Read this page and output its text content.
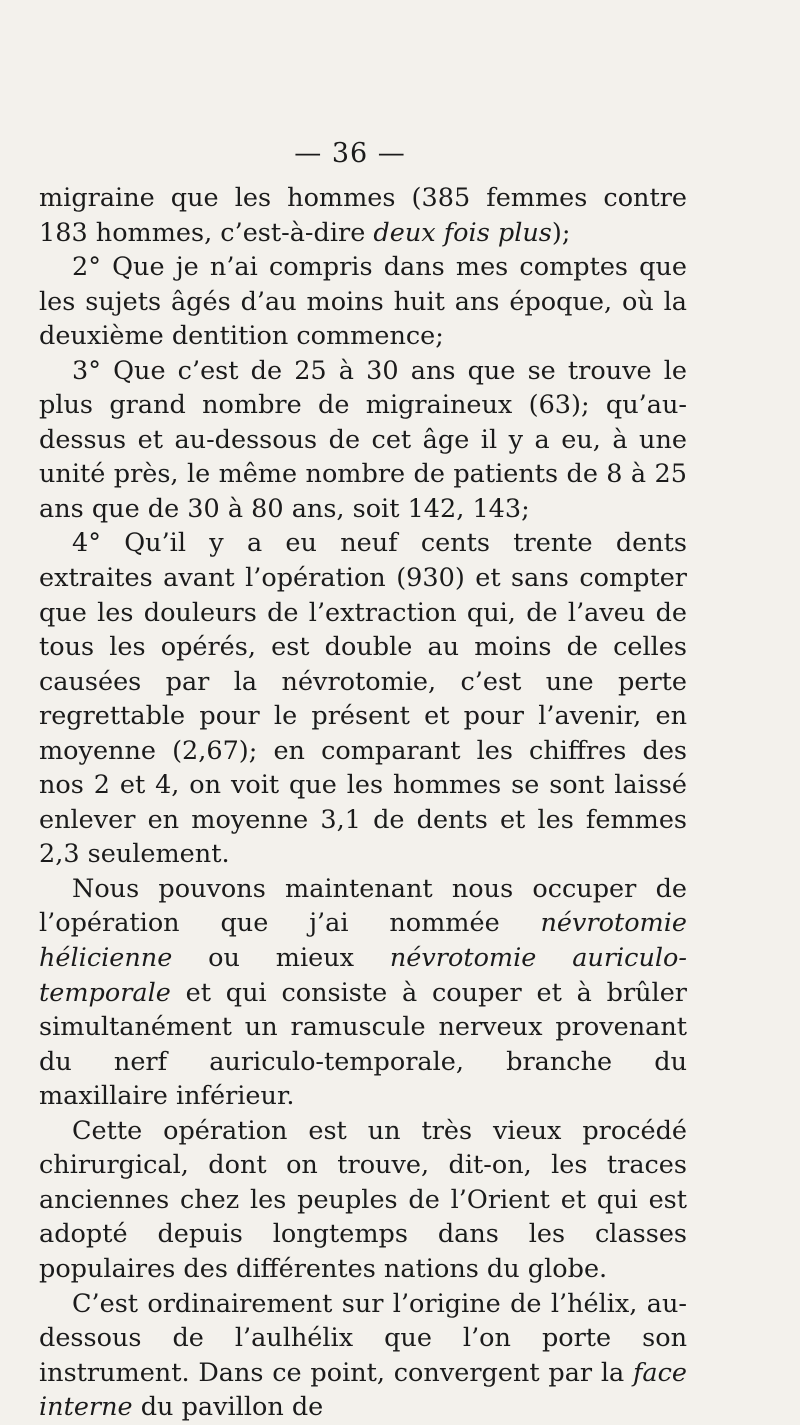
— 36 —

migraine que les hommes (385 femmes contre 183 hommes, c’est-à-dire deux fois plus);

2° Que je n’ai compris dans mes comptes que les sujets âgés d’au moins huit ans époque, où la deuxième dentition commence;

3° Que c’est de 25 à 30 ans que se trouve le plus grand nombre de migraineux (63); qu’au-dessus et au-dessous de cet âge il y a eu, à une unité près, le même nombre de patients de 8 à 25 ans que de 30 à 80 ans, soit 142, 143;

4° Qu’il y a eu neuf cents trente dents extraites avant l’opération (930) et sans compter que les douleurs de l’extraction qui, de l’aveu de tous les opérés, est double au moins de celles causées par la névrotomie, c’est une perte regrettable pour le présent et pour l’avenir, en moyenne (2,67); en comparant les chiffres des nos 2 et 4, on voit que les hommes se sont laissé enlever en moyenne 3,1 de dents et les femmes 2,3 seulement.

Nous pouvons maintenant nous occuper de l’opération que j’ai nommée névrotomie hélicienne ou mieux névrotomie auriculo-temporale et qui consiste à couper et à brûler simultanément un ramuscule nerveux provenant du nerf auriculo-temporale, branche du maxillaire inférieur.

Cette opération est un très vieux procédé chirurgical, dont on trouve, dit-on, les traces anciennes chez les peuples de l’Orient et qui est adopté depuis longtemps dans les classes populaires des différentes nations du globe.

C’est ordinairement sur l’origine de l’hélix, au-dessous de l’aulhélix que l’on porte son instrument. Dans ce point, convergent par la face interne du pavillon de
